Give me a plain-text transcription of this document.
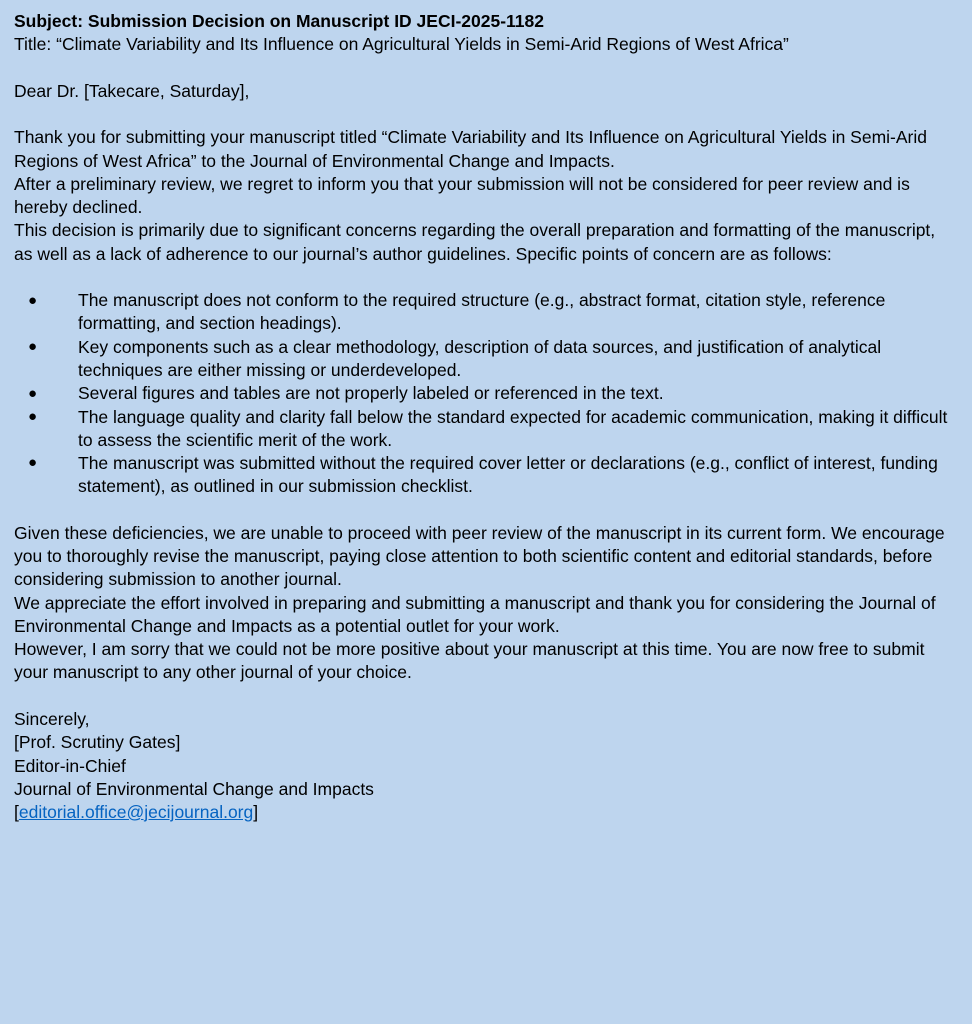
Subject: Submission Decision on Manuscript ID JECI-2025-1182
Title: “Climate Variability and Its Influence on Agricultural Yields in Semi-Arid Regions of West Africa”
Dear Dr. [Takecare, Saturday],

Thank you for submitting your manuscript titled “Climate Variability and Its Influence on Agricultural Yields in Semi-Arid Regions of West Africa” to the Journal of Environmental Change and Impacts.

After a preliminary review, we regret to inform you that your submission will not be considered for peer review and is hereby declined.

This decision is primarily due to significant concerns regarding the overall preparation and formatting of the manuscript, as well as a lack of adherence to our journal’s author guidelines. Specific points of concern are as follows:

● The manuscript does not conform to the required structure (e.g., abstract format, citation style, reference formatting, and section headings).
● Key components such as a clear methodology, description of data sources, and justification of analytical techniques are either missing or underdeveloped.
● Several figures and tables are not properly labeled or referenced in the text.
● The language quality and clarity fall below the standard expected for academic communication, making it difficult to assess the scientific merit of the work.
● The manuscript was submitted without the required cover letter or declarations (e.g., conflict of interest, funding statement), as outlined in our submission checklist.

Given these deficiencies, we are unable to proceed with peer review of the manuscript in its current form. We encourage you to thoroughly revise the manuscript, paying close attention to both scientific content and editorial standards, before considering submission to another journal.

We appreciate the effort involved in preparing and submitting a manuscript and thank you for considering the Journal of Environmental Change and Impacts as a potential outlet for your work.

However, I am sorry that we could not be more positive about your manuscript at this time. You are now free to submit your manuscript to any other journal of your choice.

Sincerely,
[Prof. Scrutiny Gates]
Editor-in-Chief
Journal of Environmental Change and Impacts
[editorial.office@jecijournal.org]
